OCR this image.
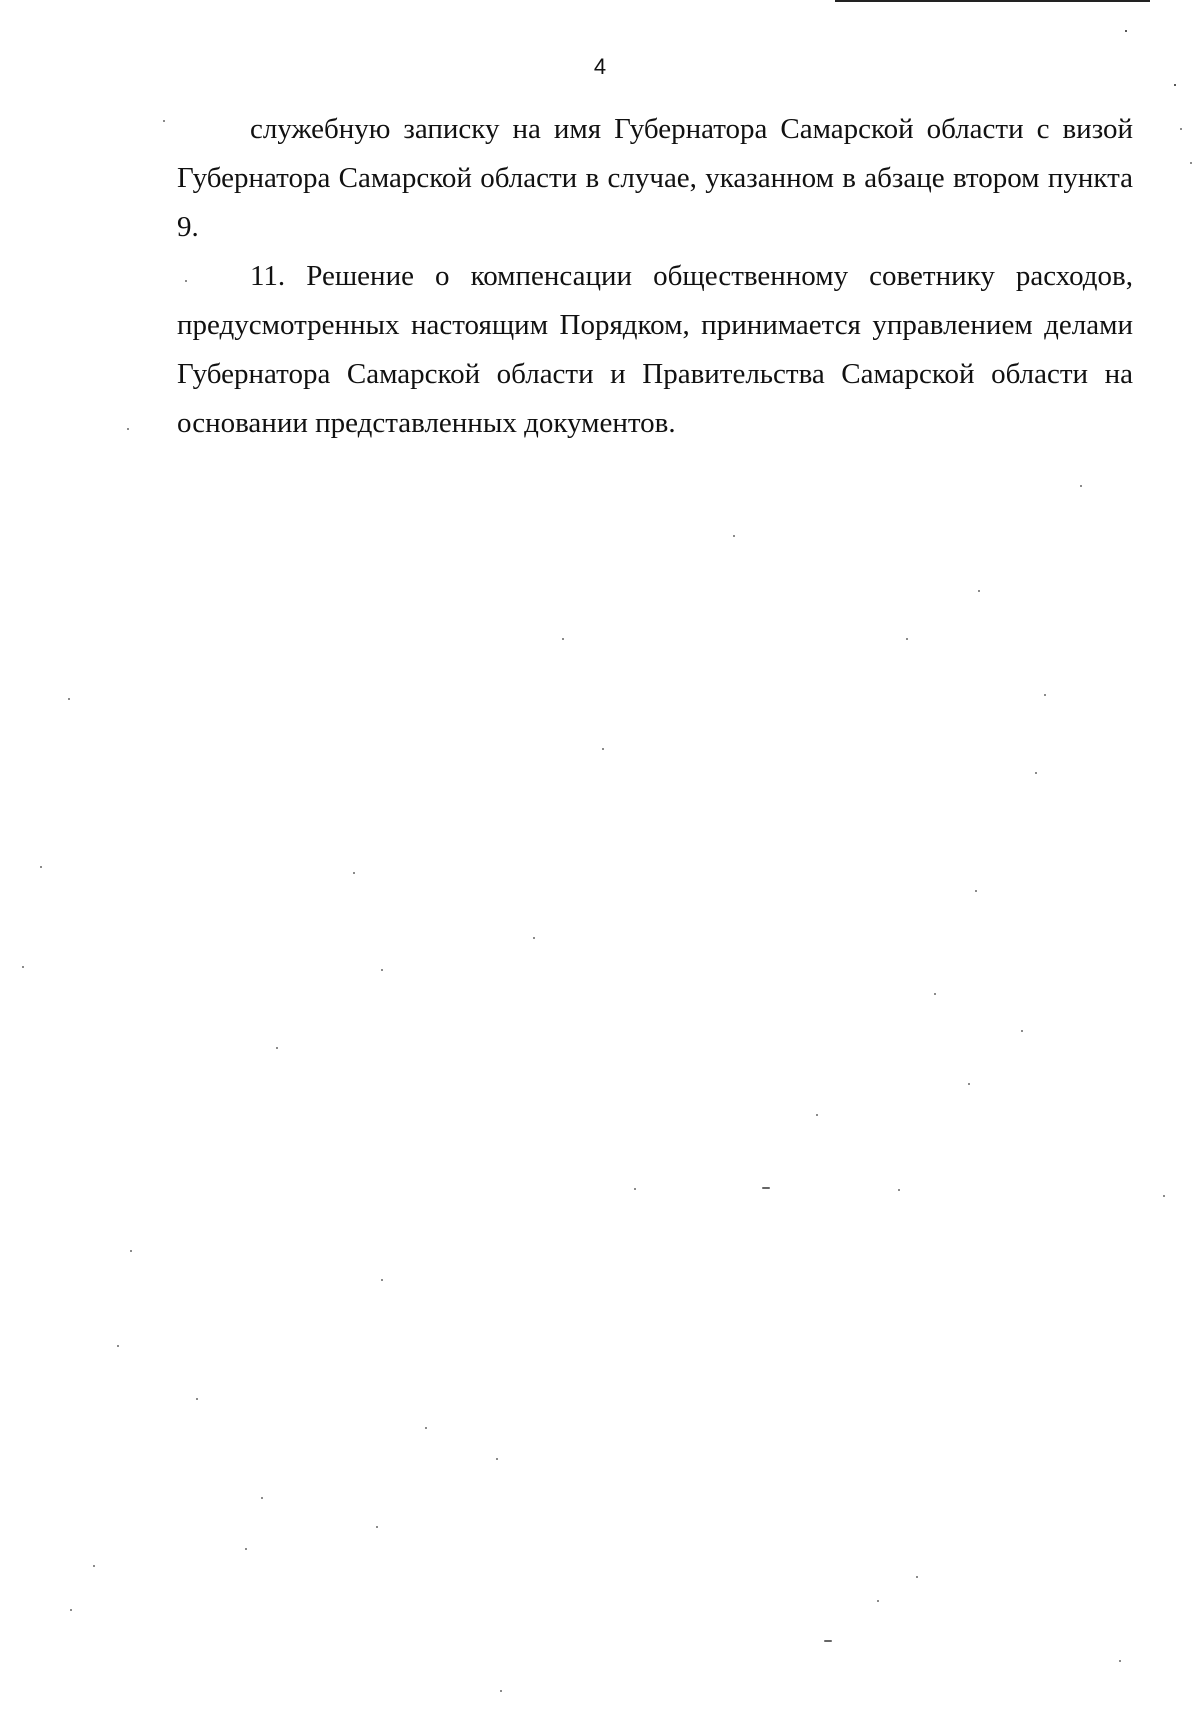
4

служебную записку на имя Губернатора Самарской области с визой Губернатора Самарской области в случае, указанном в абзаце втором пункта 9.

11. Решение о компенсации общественному советнику расходов, предусмотренных настоящим Порядком, принимается управлением делами Губернатора Самарской области и Правительства Самарской области на основании представленных документов.
